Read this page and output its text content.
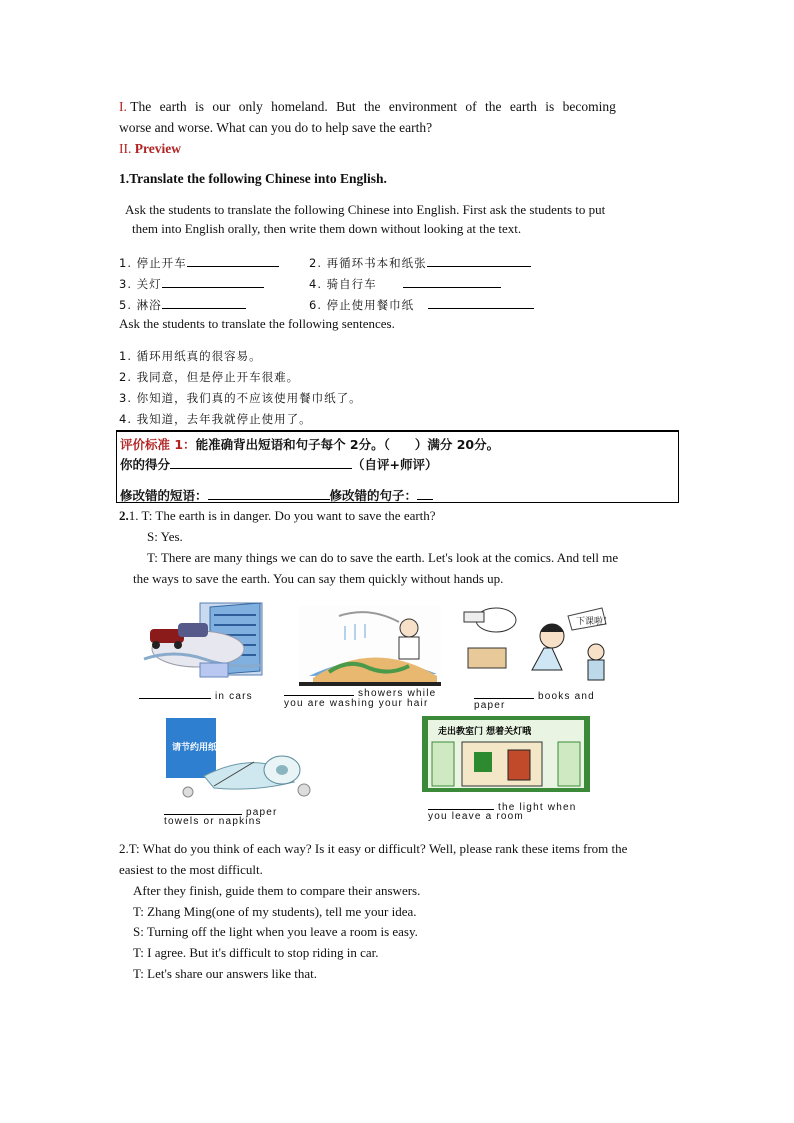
I. The earth is our only homeland. But the environment of the earth is becoming
worse and worse. What can you do to help save the earth?
II. Preview
1.Translate the following Chinese into English.
Ask the students to translate the following Chinese into English. First ask the students to put
them into English orally, then write them down without looking at the text.
1. 停止开车	2. 再循环书本和纸张
3. 关灯	4. 骑自行车
5. 淋浴	6. 停止使用餐巾纸
Ask the students to translate the following sentences.
1. 循环用纸真的很容易。
2. 我同意，但是停止开车很难。
3. 你知道，我们真的不应该使用餐巾纸了。
4. 我知道，去年我就停止使用了。
评价标准 1：能准确背出短语和句子每个 2分。（　　）满分 20分。
你的得分	（自评+师评）
修改错的短语：	修改错的句子：
2.1. T: The earth is in danger. Do you want to save the earth?
S: Yes.
T: There are many things we can do to save the earth. Let's look at the comics. And tell me
the ways to save the earth. You can say them quickly without hands up.
in cars	showers while
you are washing your hair
下课啦！
books and
paper
请节约用纸！
paper
towels or napkins
走出教室门 想着关灯哦
the light when
you leave a room
2.T: What do you think of each way? Is it easy or difficult? Well, please rank these items from the
easiest to the most difficult.
After they finish, guide them to compare their answers.
T: Zhang Ming(one of my students), tell me your idea.
S: Turning off the light when you leave a room is easy.
T: I agree. But it's difficult to stop riding in car.
T: Let's share our answers like that.
